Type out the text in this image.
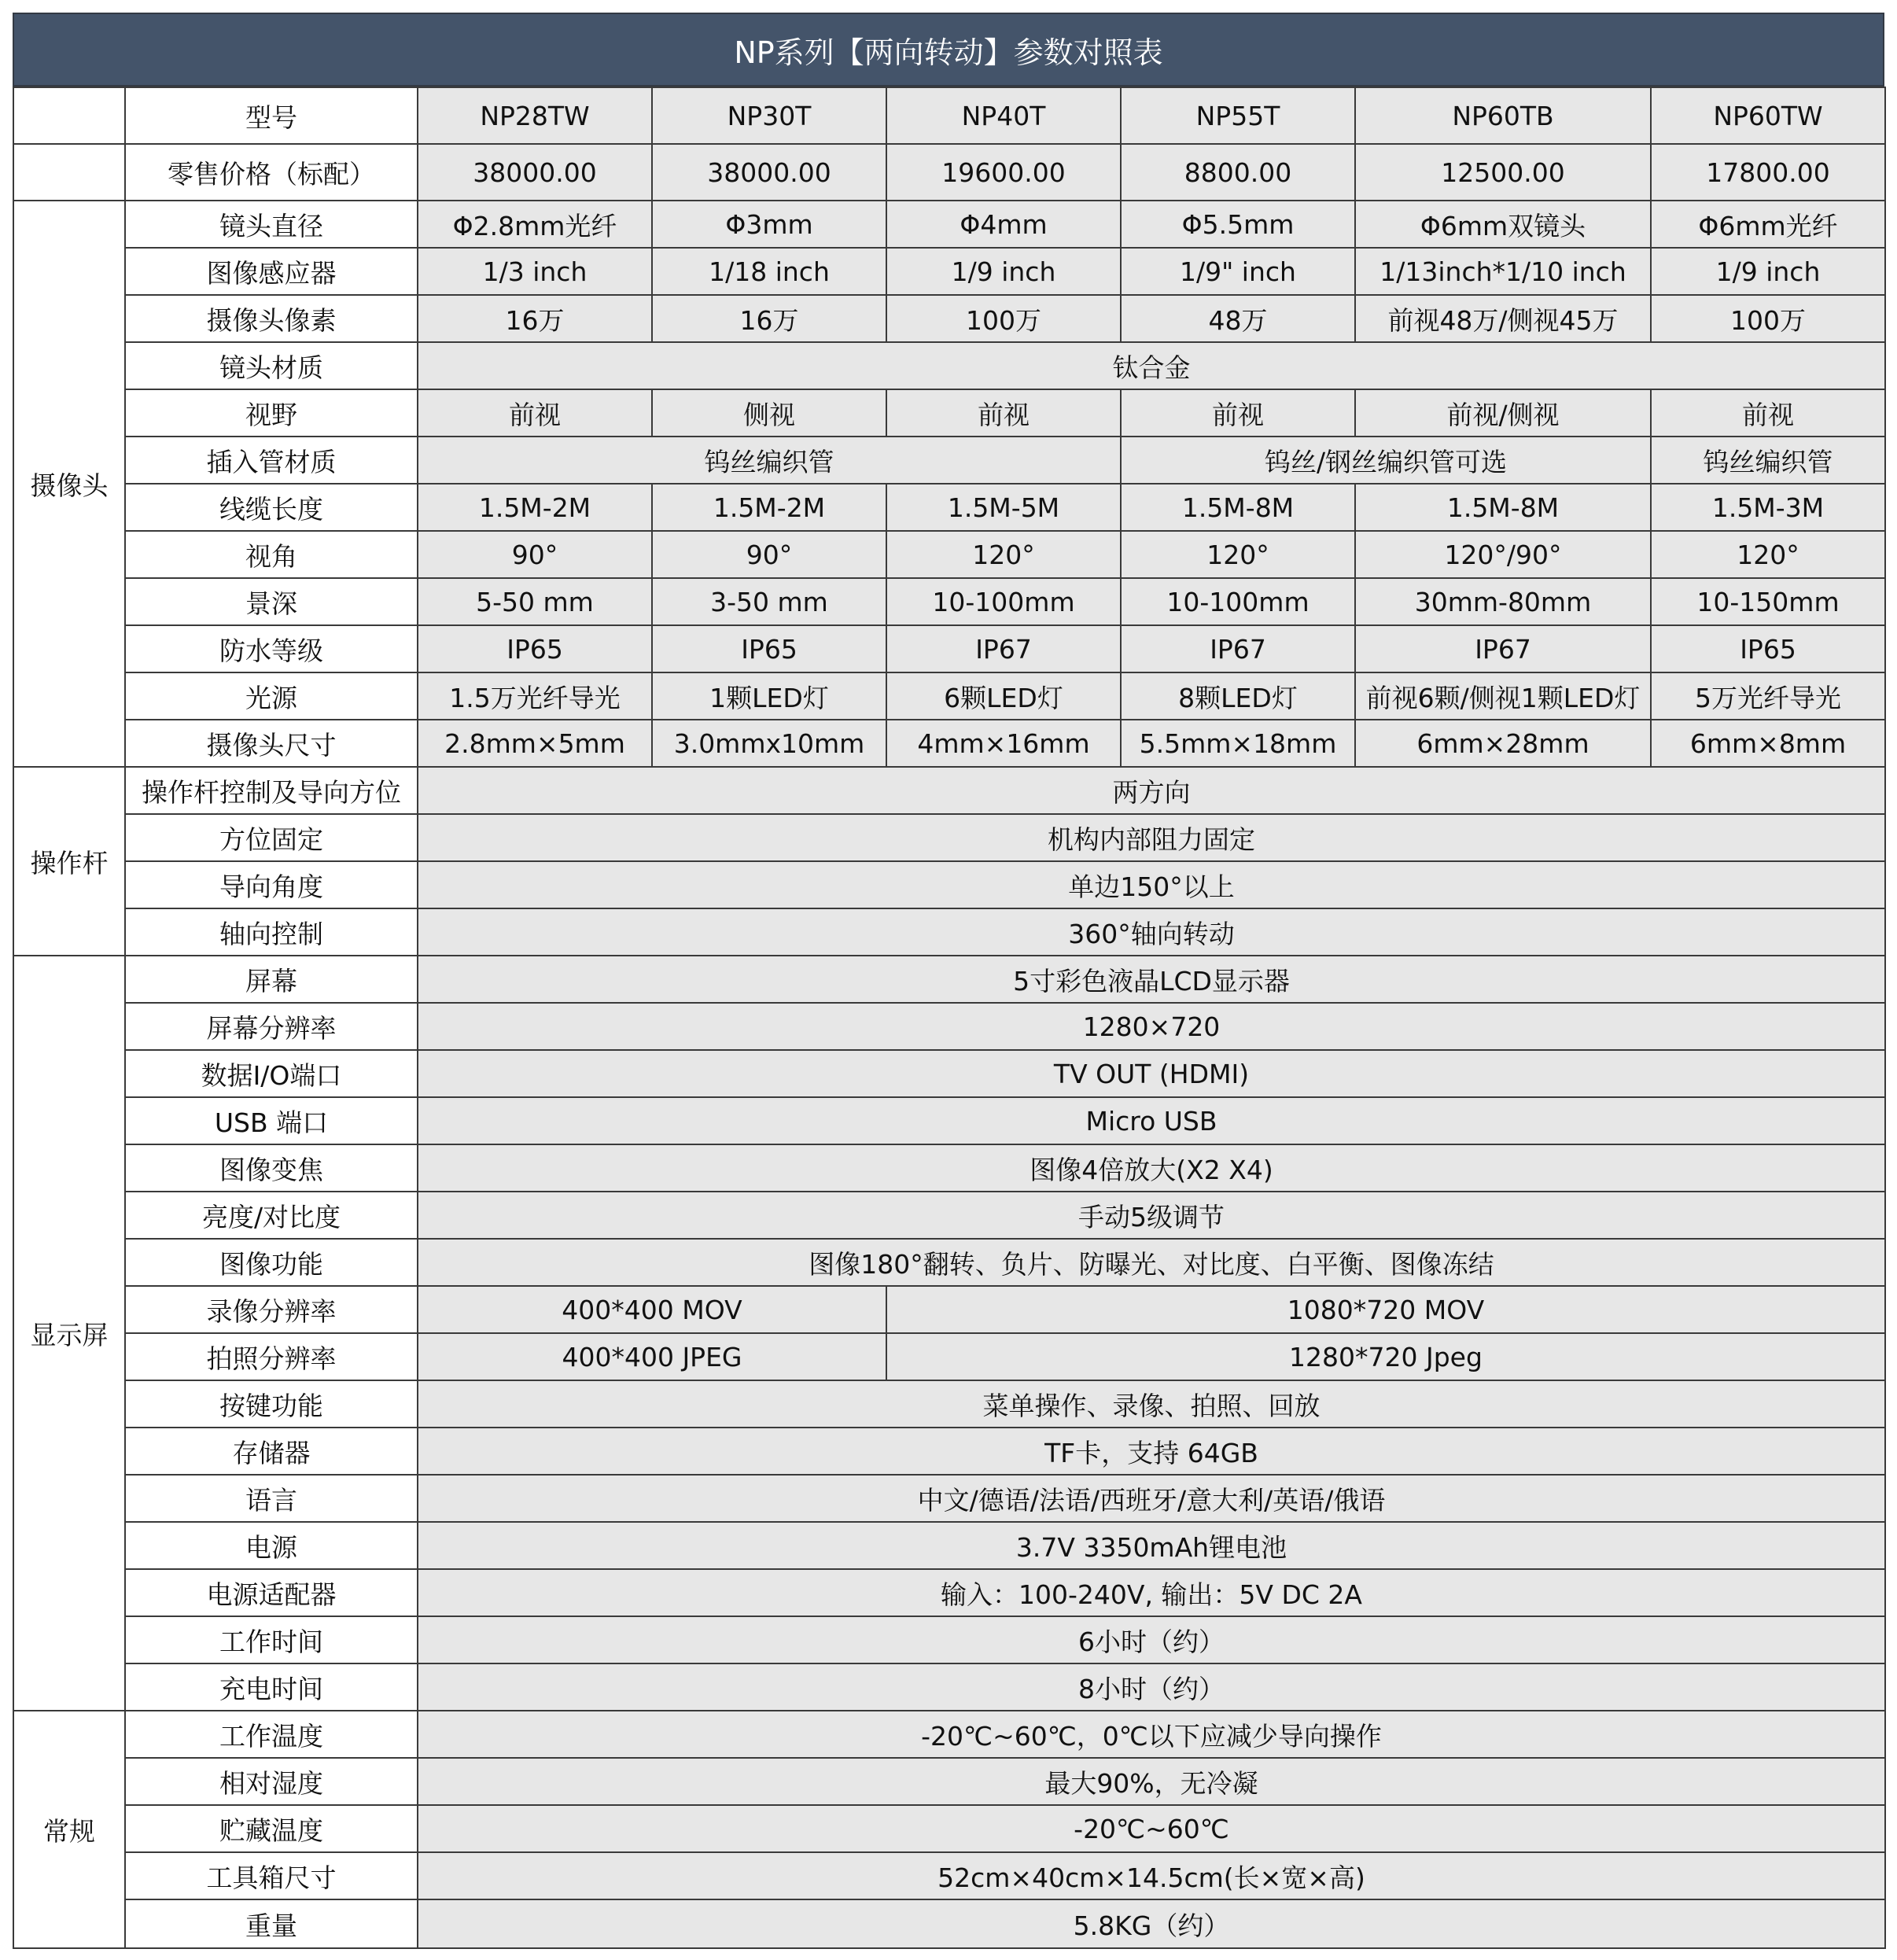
NP系列【两向转动】参数对照表
	型号	NP28TW	NP30T	NP40T	NP55T	NP60TB	NP60TW
	零售价格（标配）	38000.00	38000.00	19600.00	8800.00	12500.00	17800.00
摄像头	镜头直径	Φ2.8mm光纤	Φ3mm	Φ4mm	Φ5.5mm	Φ6mm双镜头	Φ6mm光纤
	图像感应器	1/3 inch	1/18 inch	1/9 inch	1/9" inch	1/13inch*1/10 inch	1/9 inch
	摄像头像素	16万	16万	100万	48万	前视48万/侧视45万	100万
	镜头材质	钛合金					
	视野	前视	侧视	前视	前视	前视/侧视	前视
	插入管材质	钨丝编织管			钨丝/钢丝编织管可选		钨丝编织管
	线缆长度	1.5M-2M	1.5M-2M	1.5M-5M	1.5M-8M	1.5M-8M	1.5M-3M
	视角	90°	90°	120°	120°	120°/90°	120°
	景深	5-50 mm	3-50 mm	10-100mm	10-100mm	30mm-80mm	10-150mm
	防水等级	IP65	IP65	IP67	IP67	IP67	IP65
	光源	1.5万光纤导光	1颗LED灯	6颗LED灯	8颗LED灯	前视6颗/侧视1颗LED灯	5万光纤导光
	摄像头尺寸	2.8mm×5mm	3.0mmx10mm	4mm×16mm	5.5mm×18mm	6mm×28mm	6mm×8mm
操作杆	操作杆控制及导向方位	两方向					
	方位固定	机构内部阻力固定					
	导向角度	单边150°以上					
	轴向控制	360°轴向转动					
显示屏	屏幕	5寸彩色液晶LCD显示器					
	屏幕分辨率	1280×720					
	数据I/O端口	TV OUT (HDMI)					
	USB 端口	Micro USB					
	图像变焦	图像4倍放大(X2 X4)					
	亮度/对比度	手动5级调节					
	图像功能	图像180°翻转、负片、防曝光、对比度、白平衡、图像冻结					
	录像分辨率	400*400 MOV		1080*720 MOV			
	拍照分辨率	400*400 JPEG		1280*720 Jpeg			
	按键功能	菜单操作、录像、拍照、回放					
	存储器	TF卡，支持 64GB					
	语言	中文/德语/法语/西班牙/意大利/英语/俄语					
	电源	3.7V 3350mAh锂电池					
	电源适配器	输入：100-240V, 输出：5V DC 2A					
	工作时间	6小时（约）					
	充电时间	8小时（约）					
常规	工作温度	-20℃~60℃，0℃以下应减少导向操作					
	相对湿度	最大90%，无冷凝					
	贮藏温度	-20℃~60℃					
	工具箱尺寸	52cm×40cm×14.5cm(长×宽×高)					
	重量	5.8KG（约）					
